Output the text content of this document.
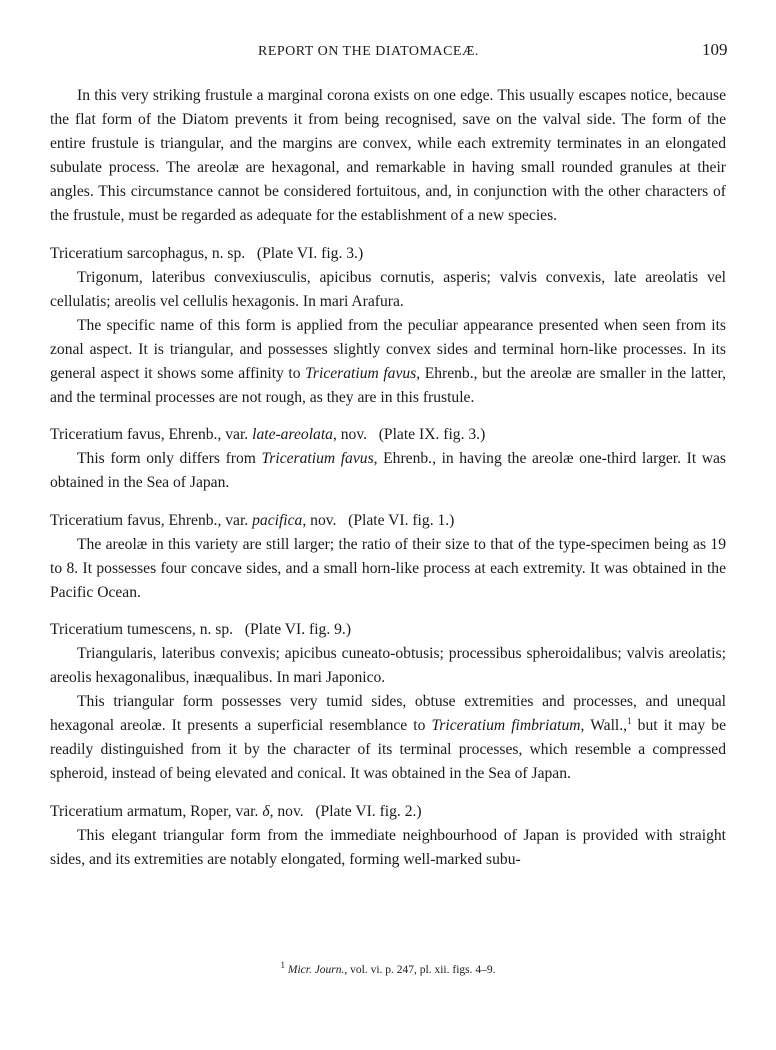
REPORT ON THE DIATOMACEÆ.	109

In this very striking frustule a marginal corona exists on one edge. This usually escapes notice, because the flat form of the Diatom prevents it from being recognised, save on the valval side. The form of the entire frustule is triangular, and the margins are convex, while each extremity terminates in an elongated subulate process. The areolæ are hexagonal, and remarkable in having small rounded granules at their angles. This circumstance cannot be considered fortuitous, and, in conjunction with the other characters of the frustule, must be regarded as adequate for the establishment of a new species.

Triceratium sarcophagus, n. sp. (Plate VI. fig. 3.)

Trigonum, lateribus convexiusculis, apicibus cornutis, asperis; valvis convexis, late areolatis vel cellulatis; areolis vel cellulis hexagonis. In mari Arafura.

The specific name of this form is applied from the peculiar appearance presented when seen from its zonal aspect. It is triangular, and possesses slightly convex sides and terminal horn-like processes. In its general aspect it shows some affinity to Triceratium favus, Ehrenb., but the areolæ are smaller in the latter, and the terminal processes are not rough, as they are in this frustule.

Triceratium favus, Ehrenb., var. late-areolata, nov. (Plate IX. fig. 3.)

This form only differs from Triceratium favus, Ehrenb., in having the areolæ one-third larger. It was obtained in the Sea of Japan.

Triceratium favus, Ehrenb., var. pacifica, nov. (Plate VI. fig. 1.)

The areolæ in this variety are still larger; the ratio of their size to that of the type-specimen being as 19 to 8. It possesses four concave sides, and a small horn-like process at each extremity. It was obtained in the Pacific Ocean.

Triceratium tumescens, n. sp. (Plate VI. fig. 9.)

Triangularis, lateribus convexis; apicibus cuneato-obtusis; processibus spheroidalibus; valvis areolatis; areolis hexagonalibus, inæqualibus. In mari Japonico.

This triangular form possesses very tumid sides, obtuse extremities and processes, and unequal hexagonal areolæ. It presents a superficial resemblance to Triceratium fimbriatum, Wall.,$^1$ but it may be readily distinguished from it by the character of its terminal processes, which resemble a compressed spheroid, instead of being elevated and conical. It was obtained in the Sea of Japan.

Triceratium armatum, Roper, var. δ, nov. (Plate VI. fig. 2.)

This elegant triangular form from the immediate neighbourhood of Japan is provided with straight sides, and its extremities are notably elongated, forming well-marked subu-

$^1$ Micr. Journ., vol. vi. p. 247, pl. xii. figs. 4–9.
